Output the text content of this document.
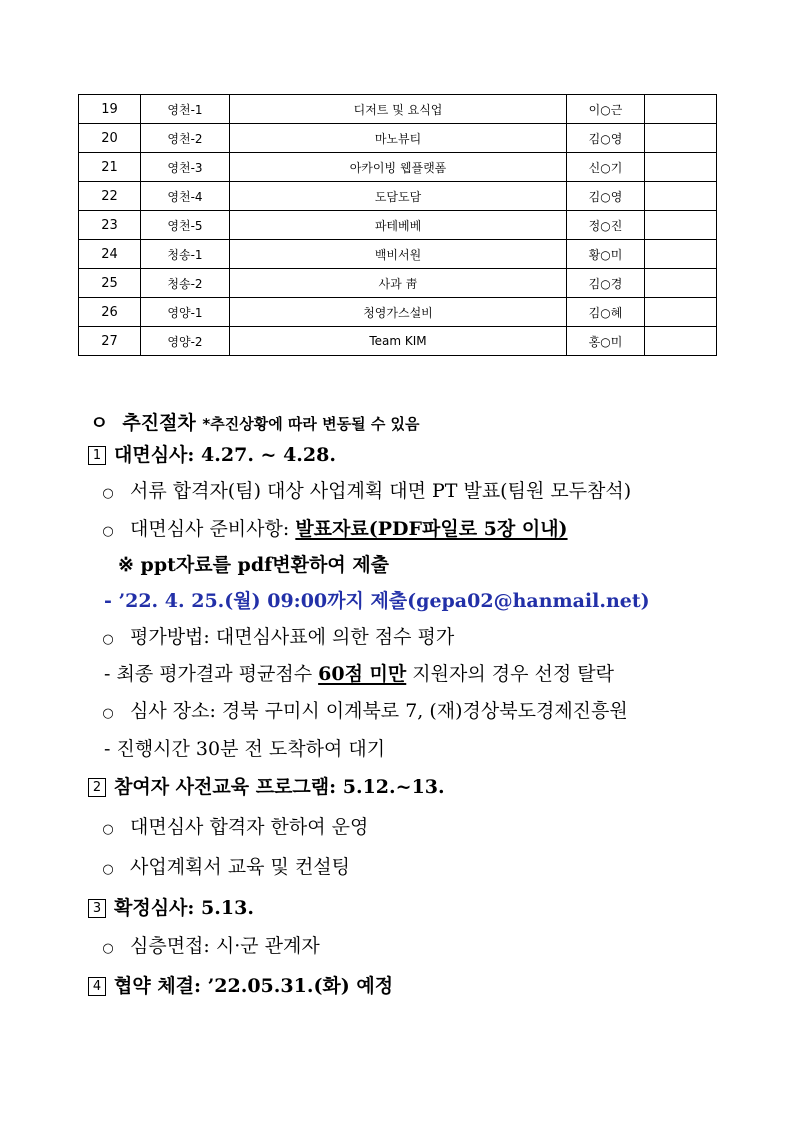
19	영천-1	디저트 및 요식업	이○근	
20	영천-2	마노뷰티	김○영	
21	영천-3	아카이빙 웹플랫폼	신○기	
22	영천-4	도담도담	김○영	
23	영천-5	파테베베	정○진	
24	청송-1	백비서원	황○미	
25	청송-2	사과 靑	김○경	
26	영양-1	청영가스설비	김○혜	
27	영양-2	Team KIM	홍○미	
ㅇ 추진절차 *추진상황에 따라 변동될 수 있음
1 대면심사: 4.27. ~ 4.28.
○ 서류 합격자(팀) 대상 사업계획 대면 PT 발표(팀원 모두참석)
○ 대면심사 준비사항: 발표자료(PDF파일로 5장 이내)
※ ppt자료를 pdf변환하여 제출
- ’22. 4. 25.(월) 09:00까지 제출(gepa02@hanmail.net)
○ 평가방법: 대면심사표에 의한 점수 평가
- 최종 평가결과 평균점수 60점 미만 지원자의 경우 선정 탈락
○ 심사 장소: 경북 구미시 이계북로 7, (재)경상북도경제진흥원
- 진행시간 30분 전 도착하여 대기
2 참여자 사전교육 프로그램: 5.12.~13.
○ 대면심사 합격자 한하여 운영
○ 사업계획서 교육 및 컨설팅
3 확정심사: 5.13.
○ 심층면접: 시·군 관계자
4 협약 체결: ’22.05.31.(화) 예정
